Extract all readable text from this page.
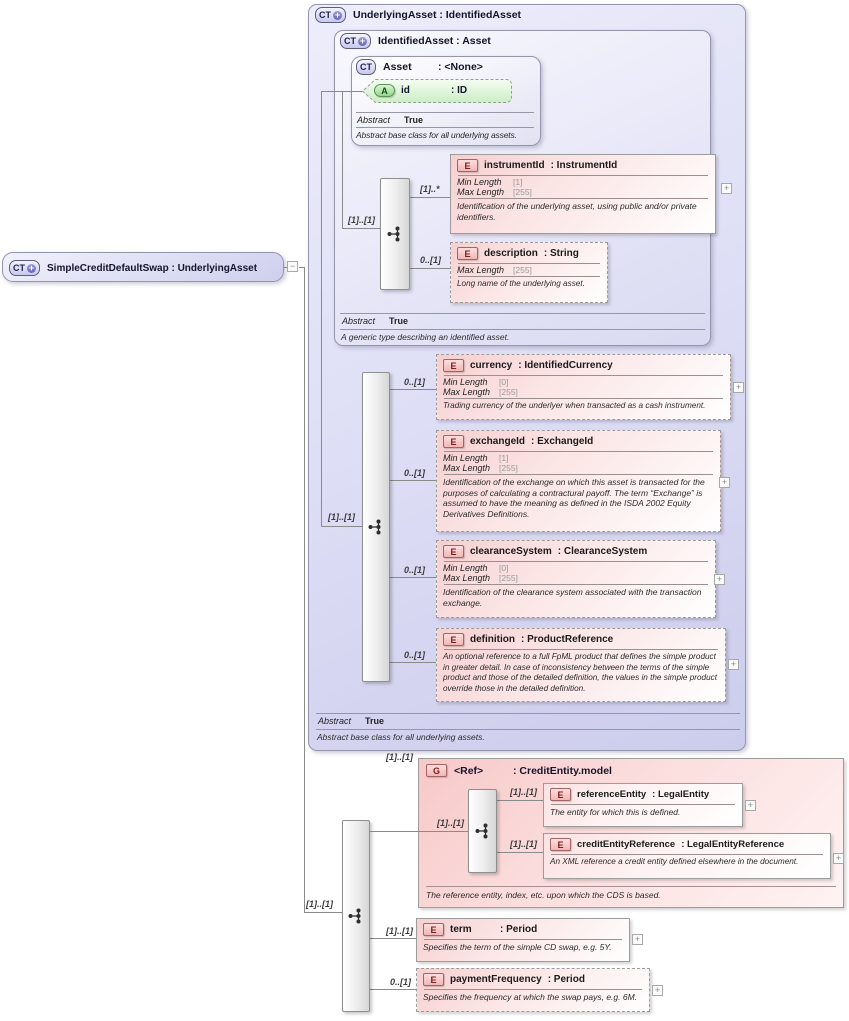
CT + UnderlyingAsset : IdentifiedAsset
CT + IdentifiedAsset : Asset
CT Asset	: <None>
CT + SimpleCreditDefaultSwap : UnderlyingAsset	−
[1]..[1]
A	id	: ID
Abstract True
Abstract base class for all underlying assets.
[1]..*
E	instrumentId : InstrumentId
Min Length	[1]
Max Length	[255]
Identification of the underlying asset, using public and/or private identifiers.
+
0..[1]
E	description : String
Max Length	[255]
Long name of the underlying asset.
Abstract True
A generic type describing an identified asset.
[1]..[1]
0..[1]
E	currency : IdentifiedCurrency
Min Length	[0]
Max Length	[255]
Trading currency of the underlyer when transacted as a cash instrument.
+
0..[1]
E	exchangeId : ExchangeId
Min Length	[1]
Max Length	[255]
Identification of the exchange on which this asset is transacted for the purposes of calculating a contractural payoff. The term “Exchange” is assumed to have the meaning as defined in the ISDA 2002 Equity Derivatives Definitions.
+
0..[1]
E	clearanceSystem : ClearanceSystem
Min Length	[0]
Max Length	[255]
Identification of the clearance system associated with the transaction exchange.
+
0..[1]
E	definition : ProductReference
An optional reference to a full FpML product that defines the simple product in greater detail. In case of inconsistency between the terms of the simple product and those of the detailed definition, the values in the simple product override those in the detailed definition.
+
Abstract True
Abstract base class for all underlying assets.
[1]..[1]
[1]..[1]
G	<Ref>	: CreditEntity.model
[1]..[1]
[1]..[1]	E	referenceEntity : LegalEntity
The entity for which this is defined.
+
[1]..[1]	E	creditEntityReference : LegalEntityReference
An XML reference a credit entity defined elsewhere in the document.	+
The reference entity, index, etc. upon which the CDS is based.
[1]..[1]	E	term	: Period
Specifies the term of the simple CD swap, e.g. 5Y.
+
0..[1]	E	paymentFrequency : Period
Specifies the frequency at which the swap pays, e.g. 6M.
+
